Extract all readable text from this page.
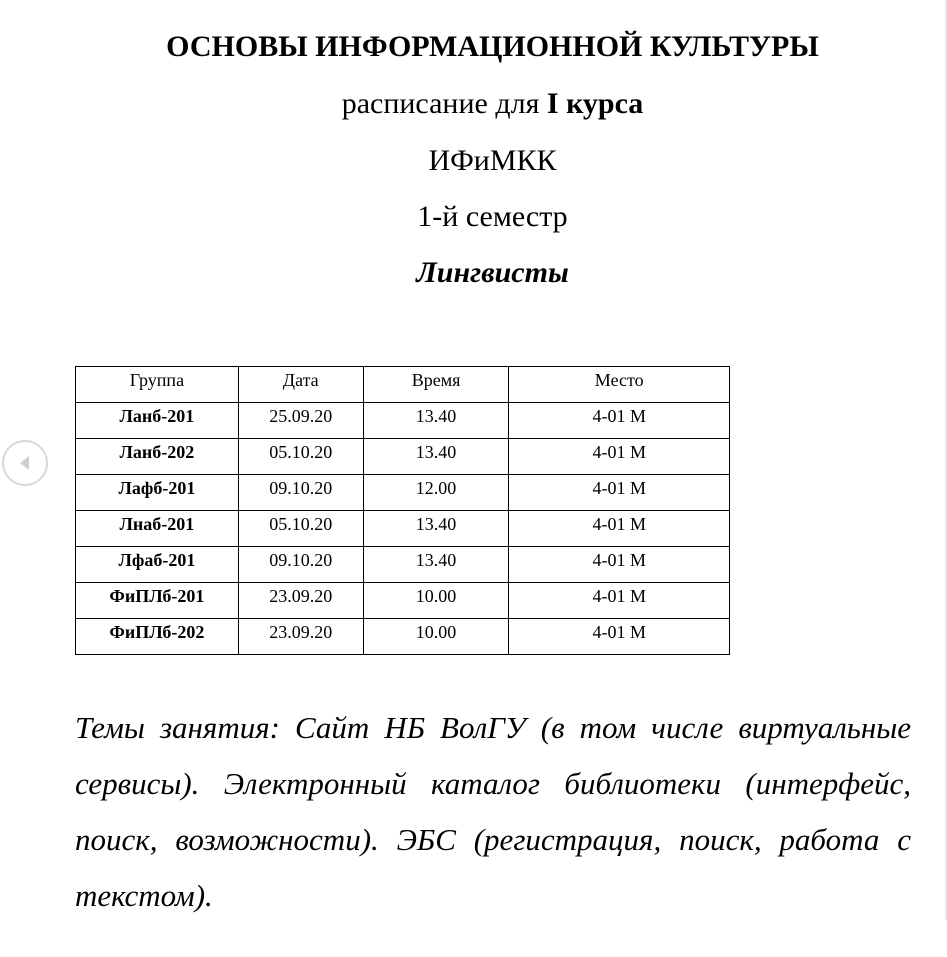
ОСНОВЫ ИНФОРМАЦИОННОЙ КУЛЬТУРЫ
расписание для I курса
ИФиМКК
1-й семестр
Лингвисты
Группа	Дата	Время	Место
Ланб-201	25.09.20	13.40	4-01 М
Ланб-202	05.10.20	13.40	4-01 М
Лафб-201	09.10.20	12.00	4-01 М
Лнаб-201	05.10.20	13.40	4-01 М
Лфаб-201	09.10.20	13.40	4-01 М
ФиПЛб-201	23.09.20	10.00	4-01 М
ФиПЛб-202	23.09.20	10.00	4-01 М
Темы занятия: Сайт НБ ВолГУ (в том числе виртуальные сервисы). Электронный каталог библиотеки (интерфейс, поиск, возможности). ЭБС (регистрация, поиск, работа с текстом).
